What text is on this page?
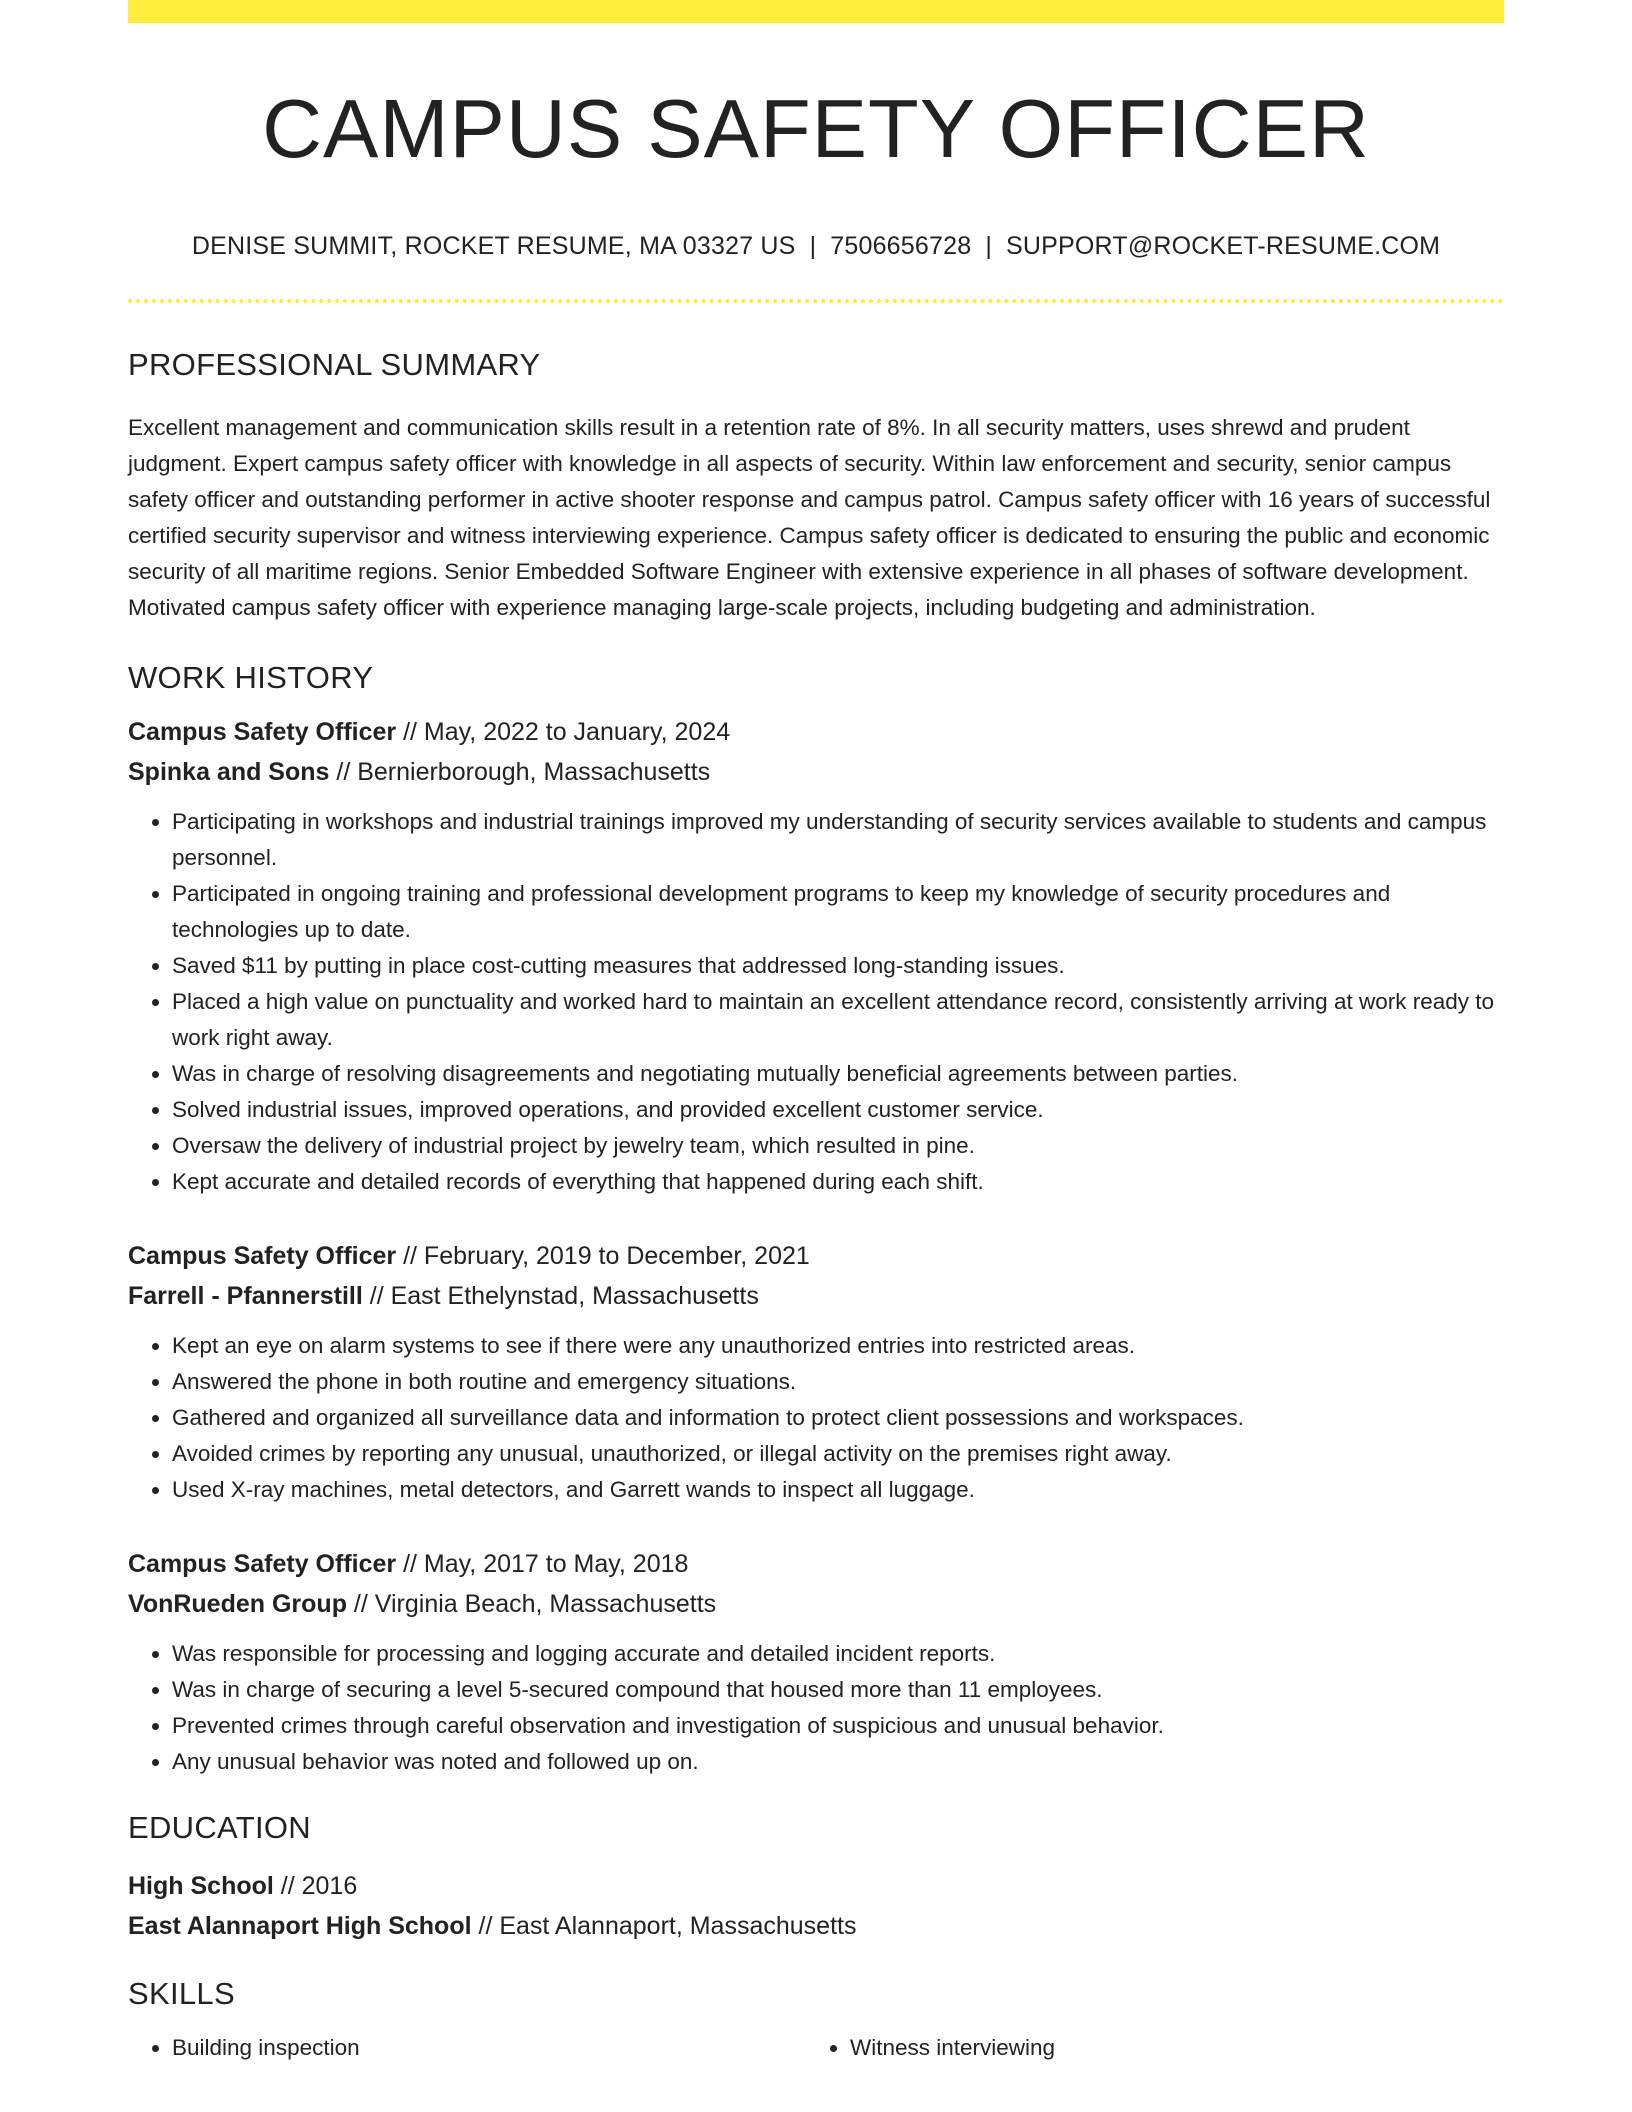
CAMPUS SAFETY OFFICER
DENISE SUMMIT, ROCKET RESUME, MA 03327 US | 7506656728 | SUPPORT@ROCKET-RESUME.COM
PROFESSIONAL SUMMARY

Excellent management and communication skills result in a retention rate of 8%. In all security matters, uses shrewd and prudent judgment. Expert campus safety officer with knowledge in all aspects of security. Within law enforcement and security, senior campus safety officer and outstanding performer in active shooter response and campus patrol. Campus safety officer with 16 years of successful certified security supervisor and witness interviewing experience. Campus safety officer is dedicated to ensuring the public and economic security of all maritime regions. Senior Embedded Software Engineer with extensive experience in all phases of software development. Motivated campus safety officer with experience managing large-scale projects, including budgeting and administration.

WORK HISTORY
Campus Safety Officer // May, 2022 to January, 2024
Spinka and Sons // Bernierborough, Massachusetts
• Participating in workshops and industrial trainings improved my understanding of security services available to students and campus personnel.
• Participated in ongoing training and professional development programs to keep my knowledge of security procedures and technologies up to date.
• Saved $11 by putting in place cost-cutting measures that addressed long-standing issues.
• Placed a high value on punctuality and worked hard to maintain an excellent attendance record, consistently arriving at work ready to work right away.
• Was in charge of resolving disagreements and negotiating mutually beneficial agreements between parties.
• Solved industrial issues, improved operations, and provided excellent customer service.
• Oversaw the delivery of industrial project by jewelry team, which resulted in pine.
• Kept accurate and detailed records of everything that happened during each shift.
Campus Safety Officer // February, 2019 to December, 2021
Farrell - Pfannerstill // East Ethelynstad, Massachusetts
• Kept an eye on alarm systems to see if there were any unauthorized entries into restricted areas.
• Answered the phone in both routine and emergency situations.
• Gathered and organized all surveillance data and information to protect client possessions and workspaces.
• Avoided crimes by reporting any unusual, unauthorized, or illegal activity on the premises right away.
• Used X-ray machines, metal detectors, and Garrett wands to inspect all luggage.
Campus Safety Officer // May, 2017 to May, 2018
VonRueden Group // Virginia Beach, Massachusetts
• Was responsible for processing and logging accurate and detailed incident reports.
• Was in charge of securing a level 5-secured compound that housed more than 11 employees.
• Prevented crimes through careful observation and investigation of suspicious and unusual behavior.
• Any unusual behavior was noted and followed up on.
EDUCATION
High School // 2016
East Alannaport High School // East Alannaport, Massachusetts
SKILLS
• Building inspection
•	Witness interviewing
